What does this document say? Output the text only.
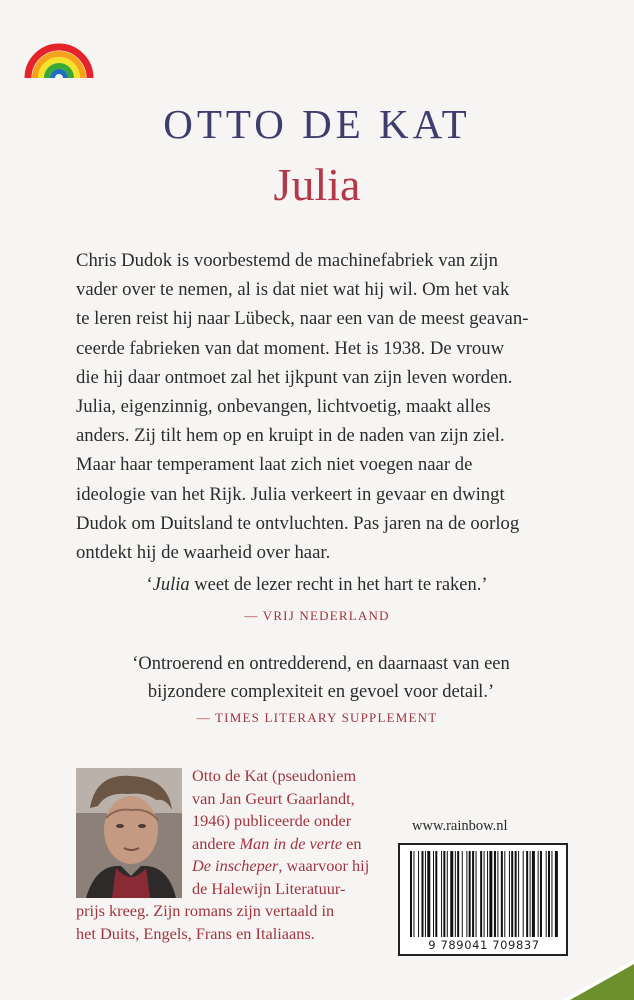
OTTO DE KAT
Julia
Chris Dudok is voorbestemd de machinefabriek van zijn
vader over te nemen, al is dat niet wat hij wil. Om het vak
te leren reist hij naar Lübeck, naar een van de meest geavan-
ceerde fabrieken van dat moment. Het is 1938. De vrouw
die hij daar ontmoet zal het ijkpunt van zijn leven worden.
Julia, eigenzinnig, onbevangen, lichtvoetig, maakt alles
anders. Zij tilt hem op en kruipt in de naden van zijn ziel.
Maar haar temperament laat zich niet voegen naar de
ideologie van het Rijk. Julia verkeert in gevaar en dwingt
Dudok om Duitsland te ontvluchten. Pas jaren na de oorlog
ontdekt hij de waarheid over haar.
‘Julia weet de lezer recht in het hart te raken.’
— VRIJ NEDERLAND
‘Ontroerend en ontredderend, en daarnaast van een
bijzondere complexiteit en gevoel voor detail.’
— TIMES LITERARY SUPPLEMENT
Otto de Kat (pseudoniem
van Jan Geurt Gaarlandt,
1946) publiceerde onder
andere Man in de verte en
De inscheper, waarvoor hij
de Halewijn Literatuur-
prijs kreeg. Zijn romans zijn vertaald in
het Duits, Engels, Frans en Italiaans.
www.rainbow.nl
9 789041 709837
